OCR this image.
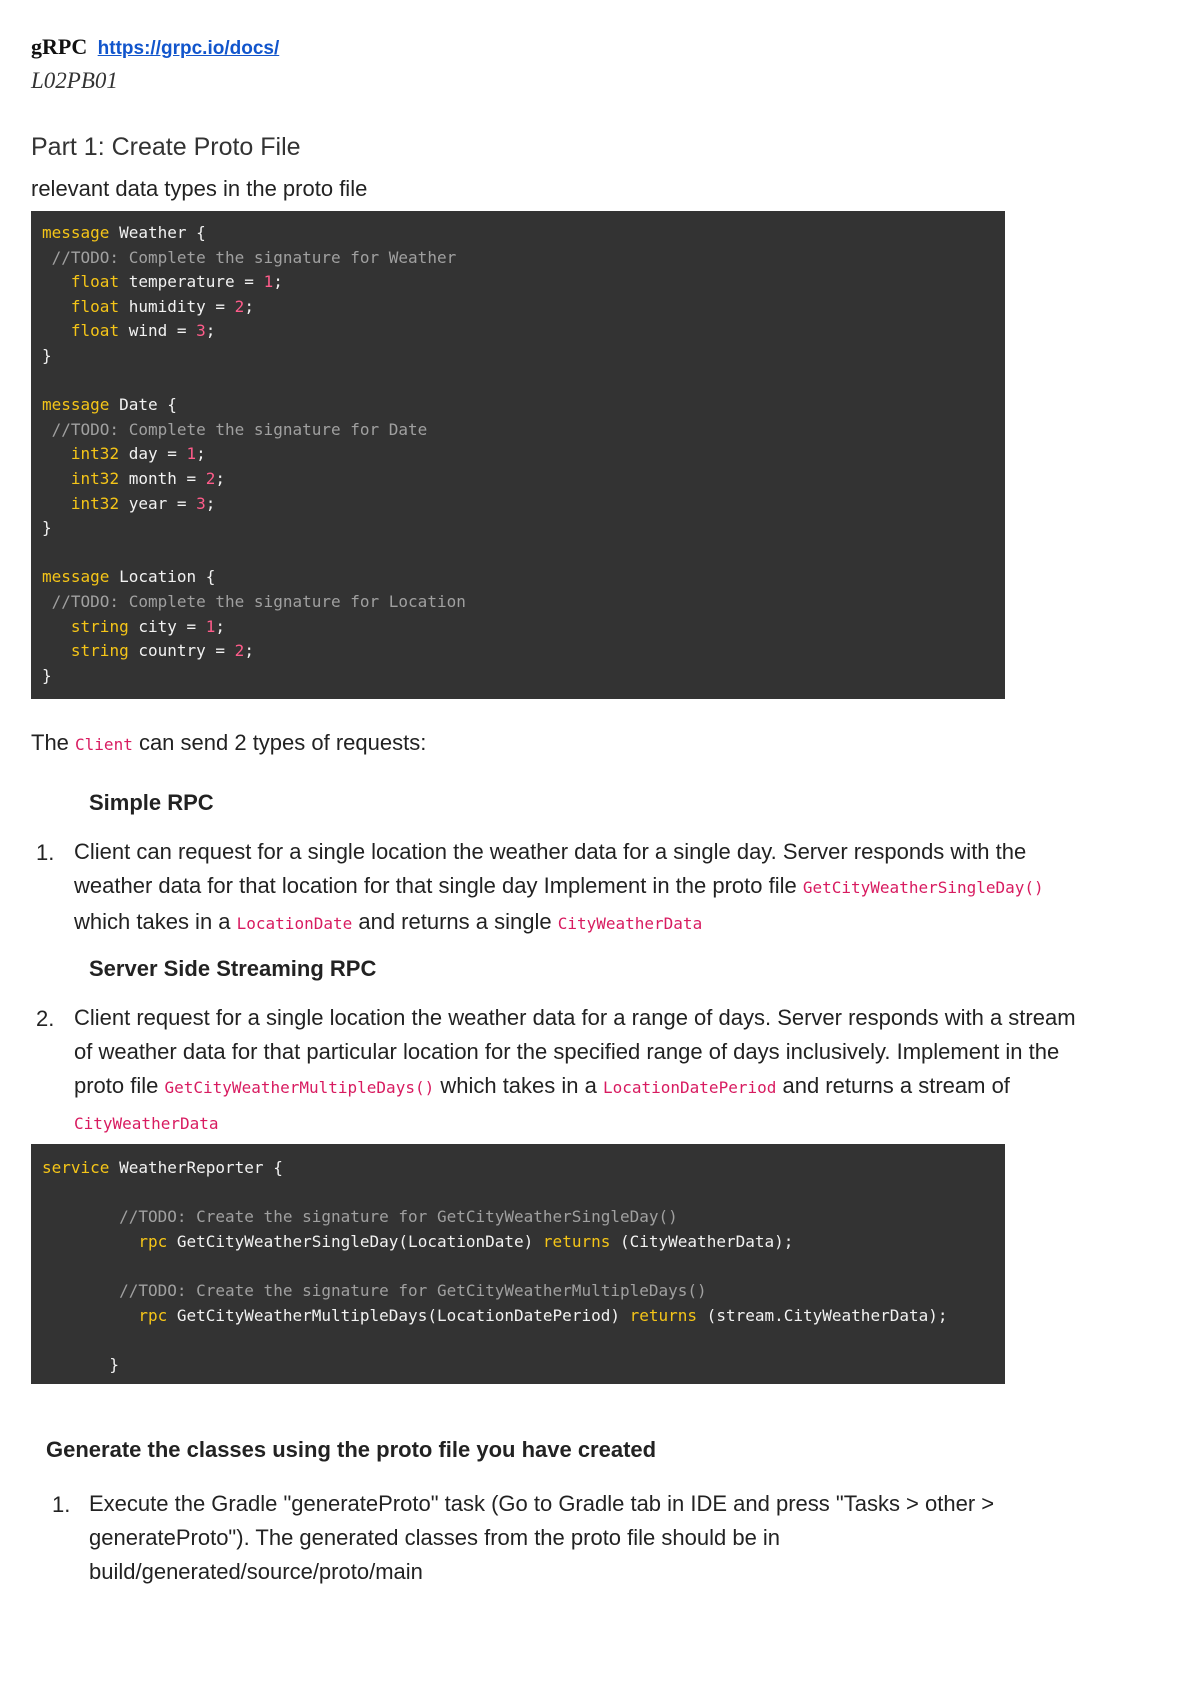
gRPC https://grpc.io/docs/
L02PB01
Part 1: Create Proto File
relevant data types in the proto file
message Weather {
//TODO: Complete the signature for Weather
float temperature = 1;
float humidity = 2;
float wind = 3;
}
message Date {
//TODO: Complete the signature for Date
int32 day = 1;
int32 month = 2;
int32 year = 3;
}
message Location {
//TODO: Complete the signature for Location
string city = 1;
string country = 2;
}
The Client can send 2 types of requests:
Simple RPC
1. Client can request for a single location the weather data for a single day. Server responds with the
weather data for that location for that single day Implement in the proto file GetCityWeatherSingleDay()
which takes in a LocationDate and returns a single CityWeatherData
Server Side Streaming RPC
2. Client request for a single location the weather data for a range of days. Server responds with a stream
of weather data for that particular location for the specified range of days inclusively. Implement in the
proto file GetCityWeatherMultipleDays() which takes in a LocationDatePeriod and returns a stream of
CityWeatherData
service WeatherReporter {
//TODO: Create the signature for GetCityWeatherSingleDay()
rpc GetCityWeatherSingleDay(LocationDate) returns (CityWeatherData);
//TODO: Create the signature for GetCityWeatherMultipleDays()
rpc GetCityWeatherMultipleDays(LocationDatePeriod) returns (stream.CityWeatherData);
}
Generate the classes using the proto file you have created
1. Execute the Gradle "generateProto" task (Go to Gradle tab in IDE and press "Tasks > other >
generateProto"). The generated classes from the proto file should be in
build/generated/source/proto/main
